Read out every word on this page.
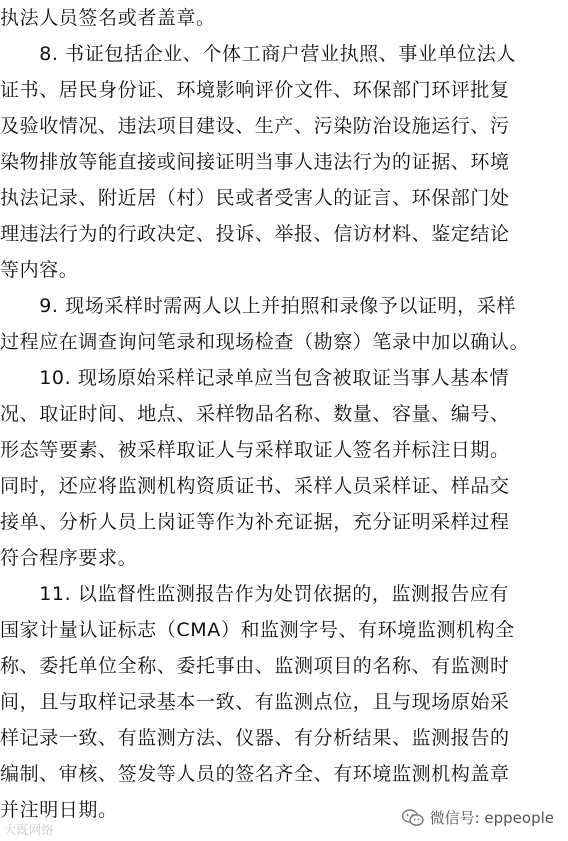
执法人员签名或者盖章。
　　8. 书证包括企业、个体工商户营业执照、事业单位法人
证书、居民身份证、环境影响评价文件、环保部门环评批复
及验收情况、违法项目建设、生产、污染防治设施运行、污
染物排放等能直接或间接证明当事人违法行为的证据、环境
执法记录、附近居（村）民或者受害人的证言、环保部门处
理违法行为的行政决定、投诉、举报、信访材料、鉴定结论
等内容。
　　9. 现场采样时需两人以上并拍照和录像予以证明，采样
过程应在调查询问笔录和现场检查（勘察）笔录中加以确认。
　　10. 现场原始采样记录单应当包含被取证当事人基本情
况、取证时间、地点、采样物品名称、数量、容量、编号、
形态等要素、被采样取证人与采样取证人签名并标注日期。
同时，还应将监测机构资质证书、采样人员采样证、样品交
接单、分析人员上岗证等作为补充证据，充分证明采样过程
符合程序要求。
　　11. 以监督性监测报告作为处罚依据的，监测报告应有
国家计量认证标志（CMA）和监测字号、有环境监测机构全
称、委托单位全称、委托事由、监测项目的名称、有监测时
间，且与取样记录基本一致、有监测点位，且与现场原始采
样记录一致、有监测方法、仪器、有分析结果、监测报告的
编制、审核、签发等人员的签名齐全、有环境监测机构盖章
并注明日期。
大既网络
微信号: eppeople
